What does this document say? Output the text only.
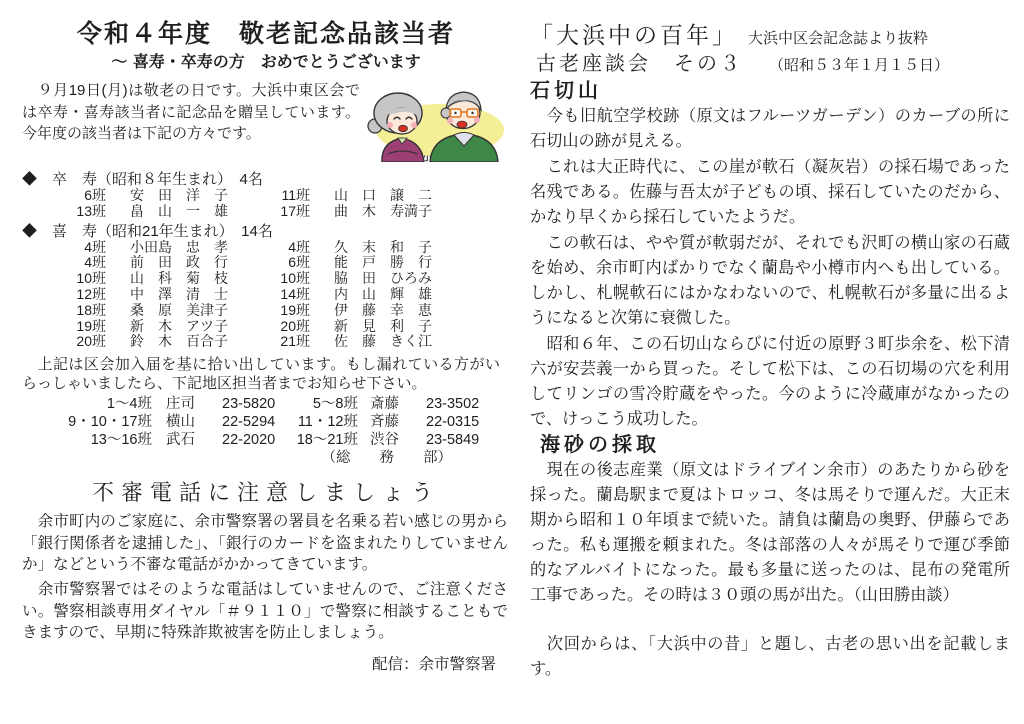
令和４年度　敬老記念品該当者
～ 喜寿・卒寿の方　おめでとうございます

　９月19日(月)は敬老の日です。大浜中東区会では卒寿・喜寿該当者に記念品を贈呈しています。今年度の該当者は下記の方々です。

◆　卒　寿（昭和８年生まれ）　4名
6班 安　田　洋　子	11班 山　口　譲　二
13班 畠　山　一　雄	17班 曲　木　寿満子
◆　喜　寿（昭和21年生まれ）　14名
4班 小田島　忠　孝	4班 久　末　和　子
4班 前　田　政　行	6班 能　戸　勝　行
10班 山　科　菊　枝	10班 脇　田　ひろみ
12班 中　澤　清　士	14班 内　山　輝　雄
18班 桑　原　美津子	19班 伊　藤　幸　恵
19班 新　木　アツ子	20班 新　見　利　子
20班 鈴　木　百合子	21班 佐　藤　きく江

　上記は区会加入届を基に拾い出しています。もし漏れている方がいらっしゃいましたら、下記地区担当者までお知らせ下さい。

1～4班 庄司	23-5820	5～8班 斎藤	23-3502
9・10・17班 横山	22-5294	11・12班 斉藤	22-0315
13～16班 武石	22-2020	18～21班 渋谷	23-5849
（総　　務　　部）
不審電話に注意しましょう

　余市町内のご家庭に、余市警察署の署員を名乗る若い感じの男から「銀行関係者を逮捕した」、「銀行のカードを盗まれたりしていませんか」などという不審な電話がかかってきています。

　余市警察署ではそのような電話はしていませんので、ご注意ください。警察相談専用ダイヤル「＃９１１０」で警察に相談することもできますので、早期に特殊詐欺被害を防止しましょう。

配信：余市警察署
「大浜中の百年」 大浜中区会記念誌より抜粋
古老座談会　その３ （昭和５３年１月１５日）
石切山

　今も旧航空学校跡（原文はフルーツガーデン）のカーブの所に石切山の跡が見える。

　これは大正時代に、この崖が軟石（凝灰岩）の採石場であった名残である。佐藤与吾太が子どもの頃、採石していたのだから、かなり早くから採石していたようだ。

　この軟石は、やや質が軟弱だが、それでも沢町の横山家の石蔵を始め、余市町内ばかりでなく蘭島や小樽市内へも出している。しかし、札幌軟石にはかなわないので、札幌軟石が多量に出るようになると次第に衰微した。

　昭和６年、この石切山ならびに付近の原野３町歩余を、松下清六が安芸義一から買った。そして松下は、この石切場の穴を利用してリンゴの雪冷貯蔵をやった。今のように冷蔵庫がなかったので、けっこう成功した。

海砂の採取

　現在の後志産業（原文はドライブイン余市）のあたりから砂を採った。蘭島駅まで夏はトロッコ、冬は馬そりで運んだ。大正末期から昭和１０年頃まで続いた。請負は蘭島の奥野、伊藤らであった。私も運搬を頼まれた。冬は部落の人々が馬そりで運び季節的なアルバイトになった。最も多量に送ったのは、昆布の発電所工事であった。その時は３０頭の馬が出た。（山田勝由談）

　次回からは、「大浜中の昔」と題し、古老の思い出を記載します。
